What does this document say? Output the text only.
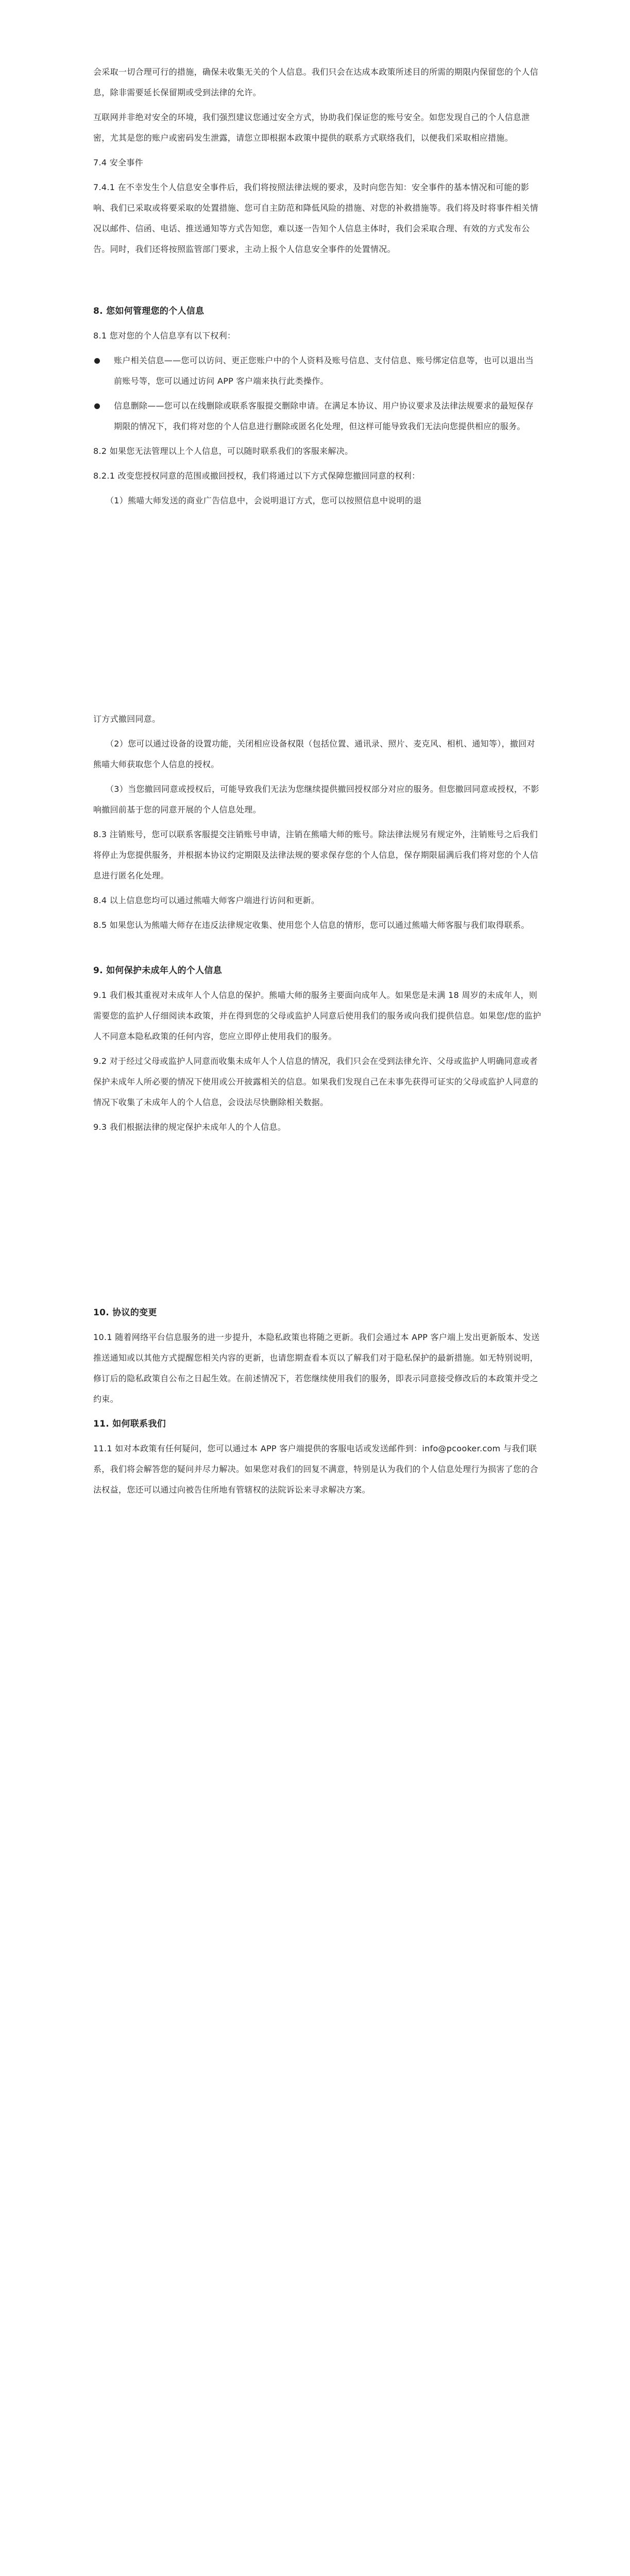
会采取一切合理可行的措施，确保未收集无关的个人信息。我们只会在达成本政策所述目的所需的期限内保留您的个人信息，除非需要延长保留期或受到法律的允许。

互联网并非绝对安全的环境，我们强烈建议您通过安全方式，协助我们保证您的账号安全。如您发现自己的个人信息泄密，尤其是您的账户或密码发生泄露，请您立即根据本政策中提供的联系方式联络我们，以便我们采取相应措施。

7.4 安全事件

7.4.1 在不幸发生个人信息安全事件后，我们将按照法律法规的要求，及时向您告知：安全事件的基本情况和可能的影响、我们已采取或将要采取的处置措施、您可自主防范和降低风险的措施、对您的补救措施等。我们将及时将事件相关情况以邮件、信函、电话、推送通知等方式告知您，难以逐一告知个人信息主体时，我们会采取合理、有效的方式发布公告。同时，我们还将按照监管部门要求，主动上报个人信息安全事件的处置情况。

8. 您如何管理您的个人信息

8.1 您对您的个人信息享有以下权利：

账户相关信息——您可以访问、更正您账户中的个人资料及账号信息、支付信息、账号绑定信息等，也可以退出当前账号等，您可以通过访问 APP 客户端来执行此类操作。

信息删除——您可以在线删除或联系客服提交删除申请。在满足本协议、用户协议要求及法律法规要求的最短保存期限的情况下，我们将对您的个人信息进行删除或匿名化处理，但这样可能导致我们无法向您提供相应的服务。

8.2 如果您无法管理以上个人信息，可以随时联系我们的客服来解决。

8.2.1 改变您授权同意的范围或撤回授权，我们将通过以下方式保障您撤回同意的权利：

（1）熊喵大师发送的商业广告信息中，会说明退订方式，您可以按照信息中说明的退

订方式撤回同意。

（2）您可以通过设备的设置功能，关闭相应设备权限（包括位置、通讯录、照片、麦克风、相机、通知等），撤回对熊喵大师获取您个人信息的授权。

（3）当您撤回同意或授权后，可能导致我们无法为您继续提供撤回授权部分对应的服务。但您撤回同意或授权，不影响撤回前基于您的同意开展的个人信息处理。

8.3 注销账号，您可以联系客服提交注销账号申请，注销在熊喵大师的账号。除法律法规另有规定外，注销账号之后我们将停止为您提供服务，并根据本协议约定期限及法律法规的要求保存您的个人信息，保存期限届满后我们将对您的个人信息进行匿名化处理。

8.4 以上信息您均可以通过熊喵大师客户端进行访问和更新。

8.5 如果您认为熊喵大师存在违反法律规定收集、使用您个人信息的情形，您可以通过熊喵大师客服与我们取得联系。

9. 如何保护未成年人的个人信息

9.1 我们极其重视对未成年人个人信息的保护。熊喵大师的服务主要面向成年人。如果您是未满 18 周岁的未成年人，则需要您的监护人仔细阅读本政策，并在得到您的父母或监护人同意后使用我们的服务或向我们提供信息。如果您/您的监护人不同意本隐私政策的任何内容，您应立即停止使用我们的服务。

9.2 对于经过父母或监护人同意而收集未成年人个人信息的情况，我们只会在受到法律允许、父母或监护人明确同意或者保护未成年人所必要的情况下使用或公开披露相关的信息。如果我们发现自己在未事先获得可证实的父母或监护人同意的情况下收集了未成年人的个人信息，会设法尽快删除相关数据。

9.3 我们根据法律的规定保护未成年人的个人信息。

10. 协议的变更

10.1 随着网络平台信息服务的进一步提升，本隐私政策也将随之更新。我们会通过本 APP 客户端上发出更新版本、发送推送通知或以其他方式提醒您相关内容的更新，也请您期查看本页以了解我们对于隐私保护的最新措施。如无特别说明，修订后的隐私政策自公布之日起生效。在前述情况下，若您继续使用我们的服务，即表示同意接受修改后的本政策并受之约束。

11. 如何联系我们

11.1 如对本政策有任何疑问，您可以通过本 APP 客户端提供的客服电话或发送邮件到：info@pcooker.com 与我们联系，我们将会解答您的疑问并尽力解决。如果您对我们的回复不满意，特别是认为我们的个人信息处理行为损害了您的合法权益，您还可以通过向被告住所地有管辖权的法院诉讼来寻求解决方案。
